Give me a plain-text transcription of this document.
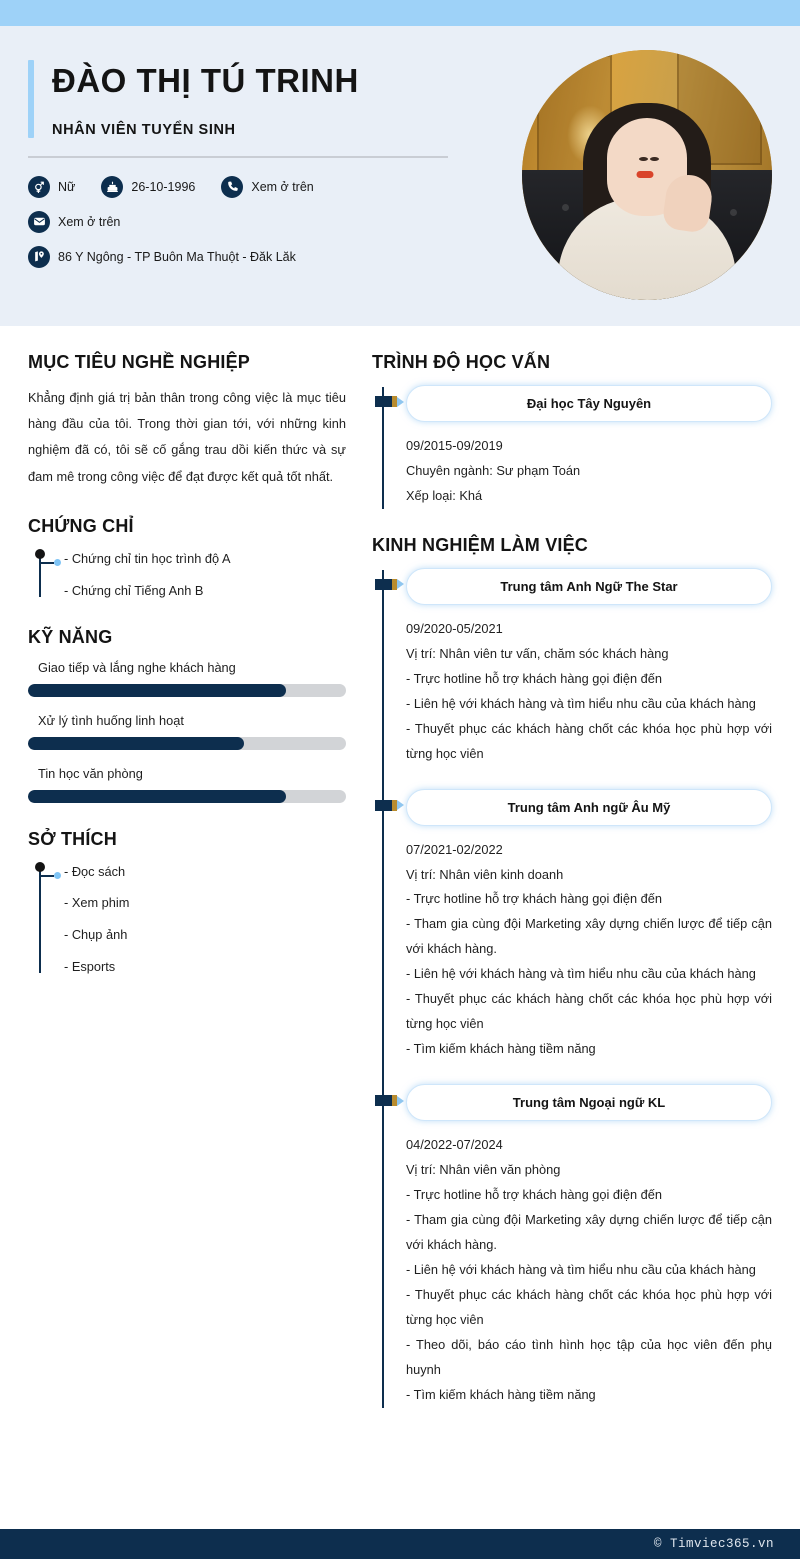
ĐÀO THỊ TÚ TRINH
NHÂN VIÊN TUYỂN SINH
Nữ	26-10-1996	Xem ở trên
Xem ở trên
86 Y Ngông - TP Buôn Ma Thuột - Đăk Lăk
MỤC TIÊU NGHỀ NGHIỆP
Khẳng định giá trị bản thân trong công việc là mục tiêu hàng đầu của tôi. Trong thời gian tới, với những kinh nghiệm đã có, tôi sẽ cố gắng trau dồi kiến thức và sự đam mê trong công việc để đạt được kết quả tốt nhất.
CHỨNG CHỈ
- Chứng chỉ tin học trình độ A
- Chứng chỉ Tiếng Anh B
KỸ NĂNG
Giao tiếp và lắng nghe khách hàng
Xử lý tình huống linh hoạt
Tin học văn phòng
SỞ THÍCH
- Đọc sách
- Xem phim
- Chụp ảnh
- Esports
TRÌNH ĐỘ HỌC VẤN
Đại học Tây Nguyên
09/2015-09/2019
Chuyên ngành: Sư phạm Toán
Xếp loại: Khá
KINH NGHIỆM LÀM VIỆC
Trung tâm Anh Ngữ The Star
09/2020-05/2021
Vị trí: Nhân viên tư vấn, chăm sóc khách hàng
- Trực hotline hỗ trợ khách hàng gọi điện đến
- Liên hệ với khách hàng và tìm hiểu nhu cầu của khách hàng
- Thuyết phục các khách hàng chốt các khóa học phù hợp với từng học viên
Trung tâm Anh ngữ Âu Mỹ
07/2021-02/2022
Vị trí: Nhân viên kinh doanh
- Trực hotline hỗ trợ khách hàng gọi điện đến
- Tham gia cùng đội Marketing xây dựng chiến lược để tiếp cận với khách hàng.
- Liên hệ với khách hàng và tìm hiểu nhu cầu của khách hàng
- Thuyết phục các khách hàng chốt các khóa học phù hợp với từng học viên
- Tìm kiếm khách hàng tiềm năng
Trung tâm Ngoại ngữ KL
04/2022-07/2024
Vị trí: Nhân viên văn phòng
- Trực hotline hỗ trợ khách hàng gọi điện đến
- Tham gia cùng đội Marketing xây dựng chiến lược để tiếp cận với khách hàng.
- Liên hệ với khách hàng và tìm hiểu nhu cầu của khách hàng
- Thuyết phục các khách hàng chốt các khóa học phù hợp với từng học viên
- Theo dõi, báo cáo tình hình học tập của học viên đến phụ huynh
- Tìm kiếm khách hàng tiềm năng
© Timviec365.vn
